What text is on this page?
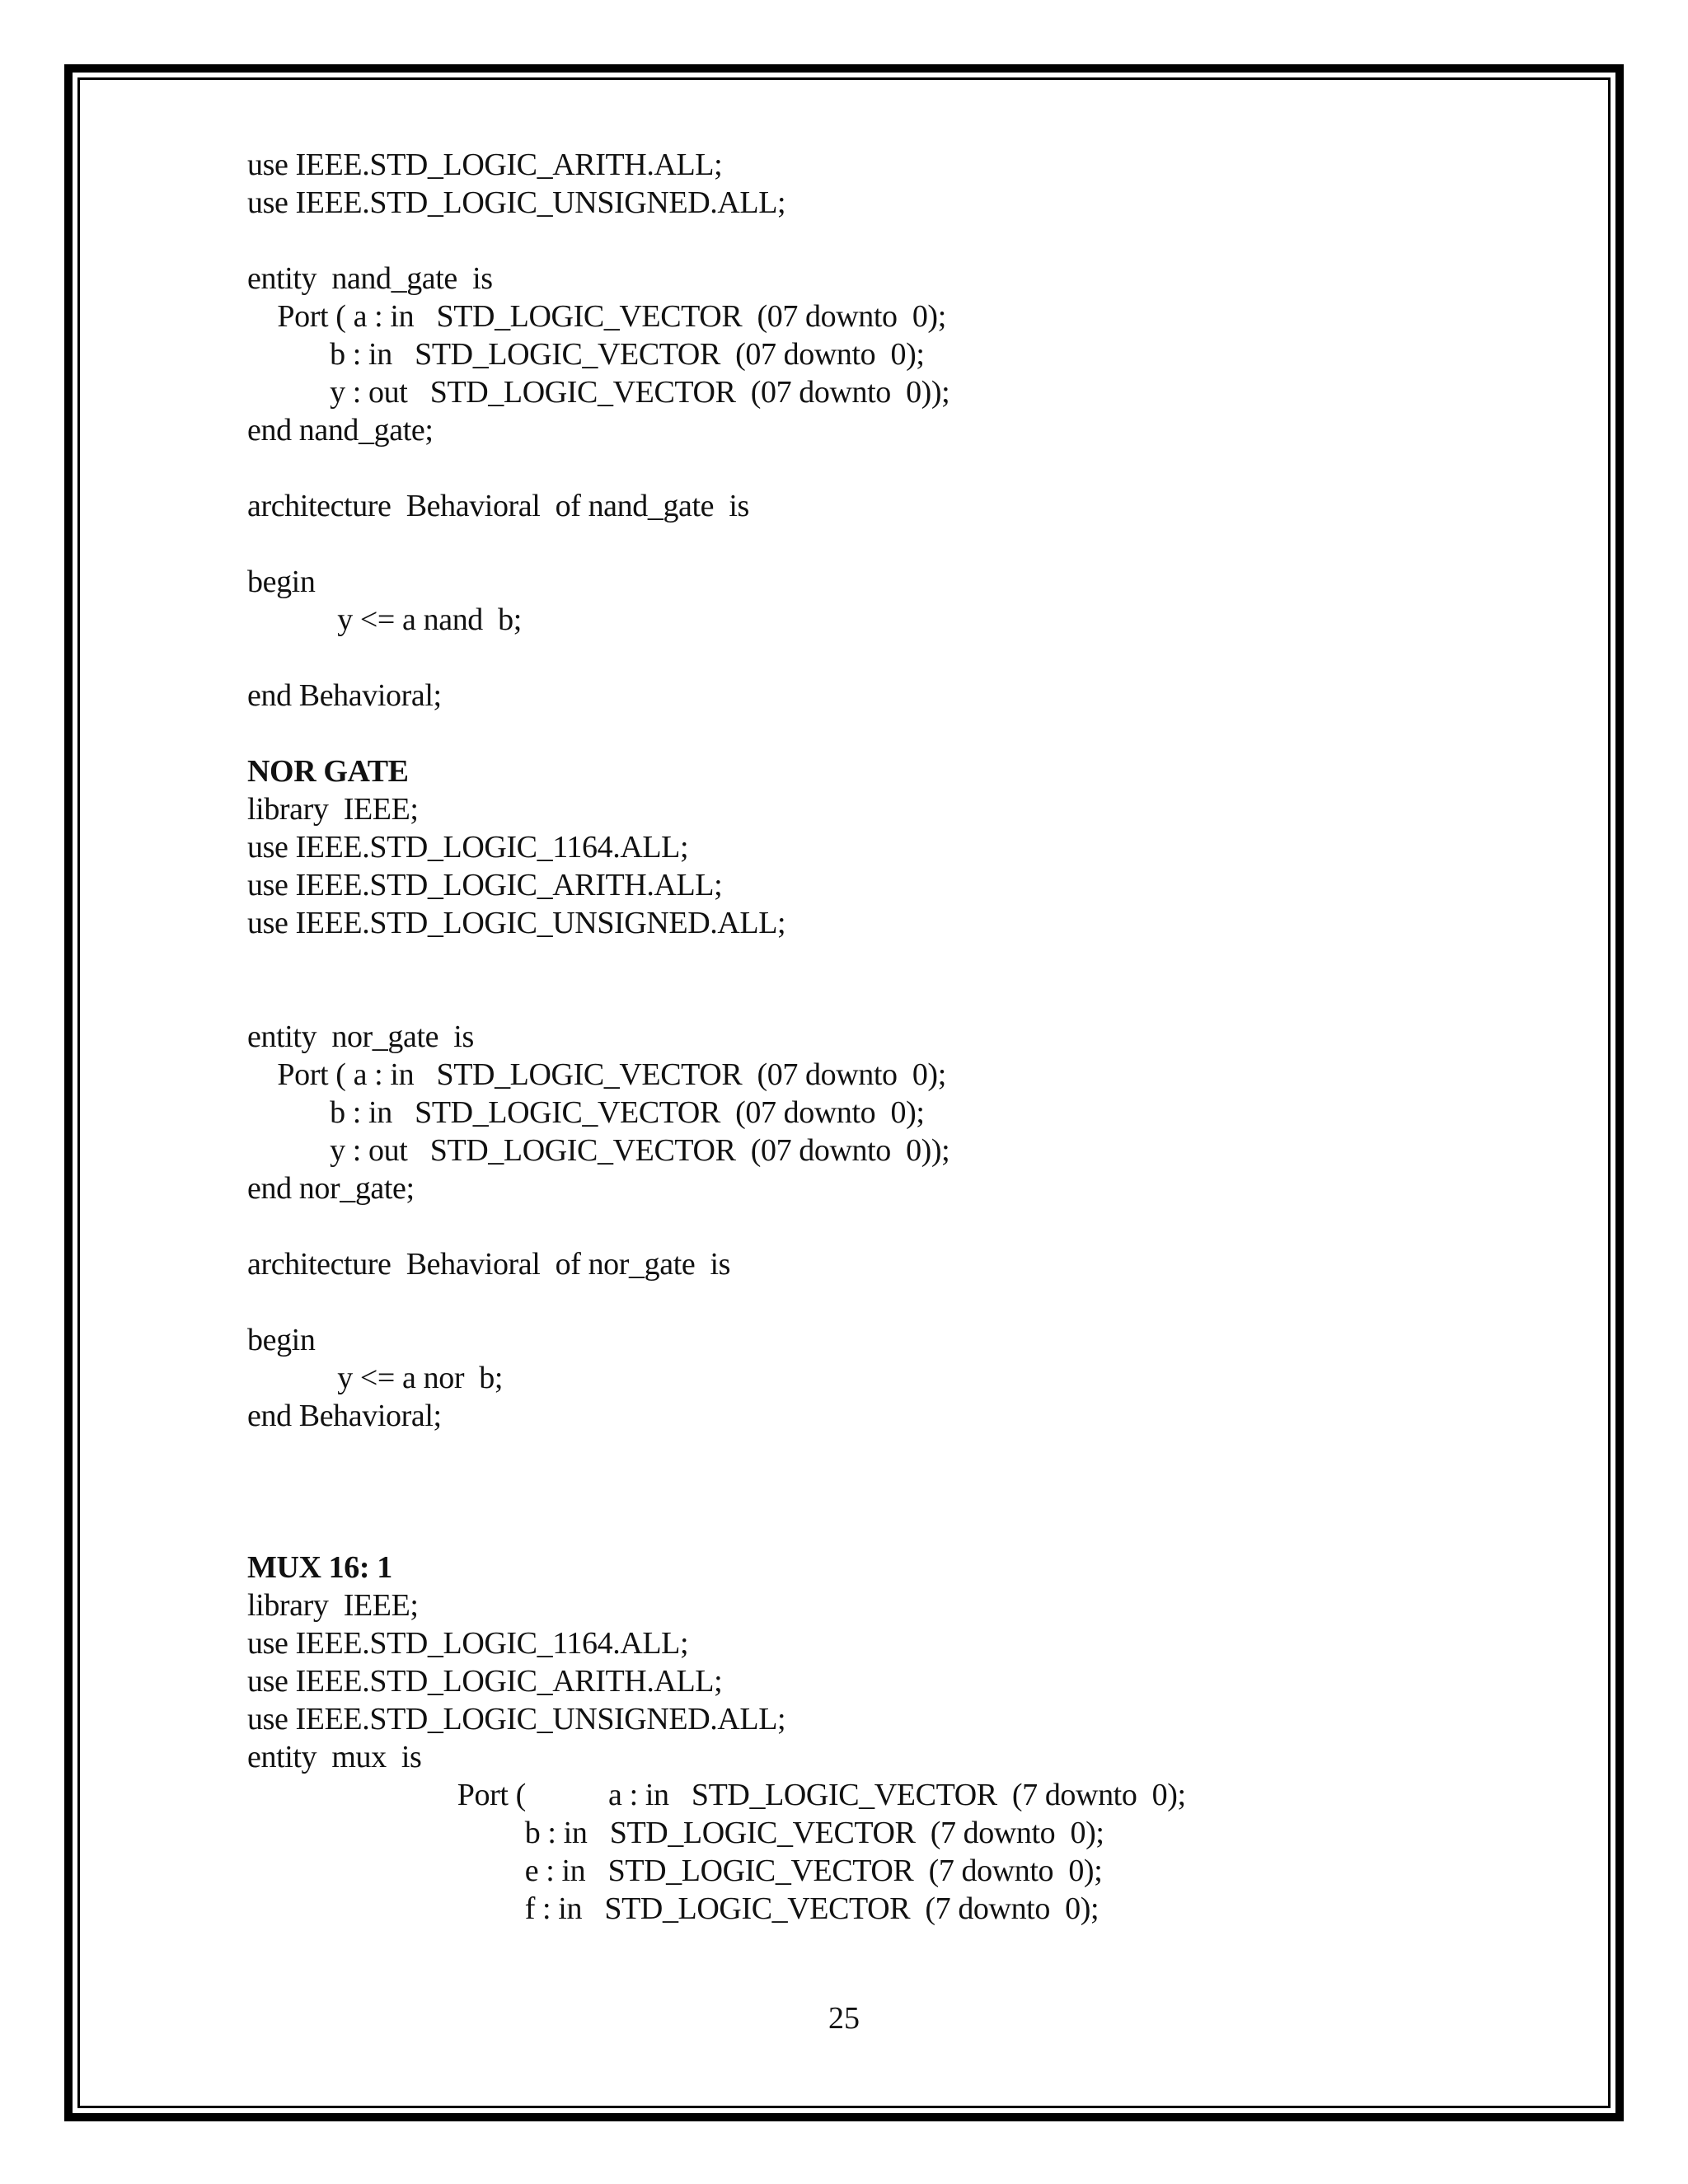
use IEEE.STD_LOGIC_ARITH.ALL;
use IEEE.STD_LOGIC_UNSIGNED.ALL;
entity  nand_gate  is
Port ( a : in   STD_LOGIC_VECTOR  (07 downto  0);
b : in   STD_LOGIC_VECTOR  (07 downto  0);
y : out   STD_LOGIC_VECTOR  (07 downto  0));
end nand_gate;
architecture  Behavioral  of nand_gate  is
begin
y <= a nand  b;
end Behavioral;
NOR GATE
library  IEEE;
use IEEE.STD_LOGIC_1164.ALL;
use IEEE.STD_LOGIC_ARITH.ALL;
use IEEE.STD_LOGIC_UNSIGNED.ALL;
entity  nor_gate  is
Port ( a : in   STD_LOGIC_VECTOR  (07 downto  0);
b : in   STD_LOGIC_VECTOR  (07 downto  0);
y : out   STD_LOGIC_VECTOR  (07 downto  0));
end nor_gate;
architecture  Behavioral  of nor_gate  is
begin
y <= a nor  b;
end Behavioral;
MUX 16: 1
library  IEEE;
use IEEE.STD_LOGIC_1164.ALL;
use IEEE.STD_LOGIC_ARITH.ALL;
use IEEE.STD_LOGIC_UNSIGNED.ALL;
entity  mux  is
Port (           a : in   STD_LOGIC_VECTOR  (7 downto  0);
b : in   STD_LOGIC_VECTOR  (7 downto  0);
e : in   STD_LOGIC_VECTOR  (7 downto  0);
f : in   STD_LOGIC_VECTOR  (7 downto  0);
25
